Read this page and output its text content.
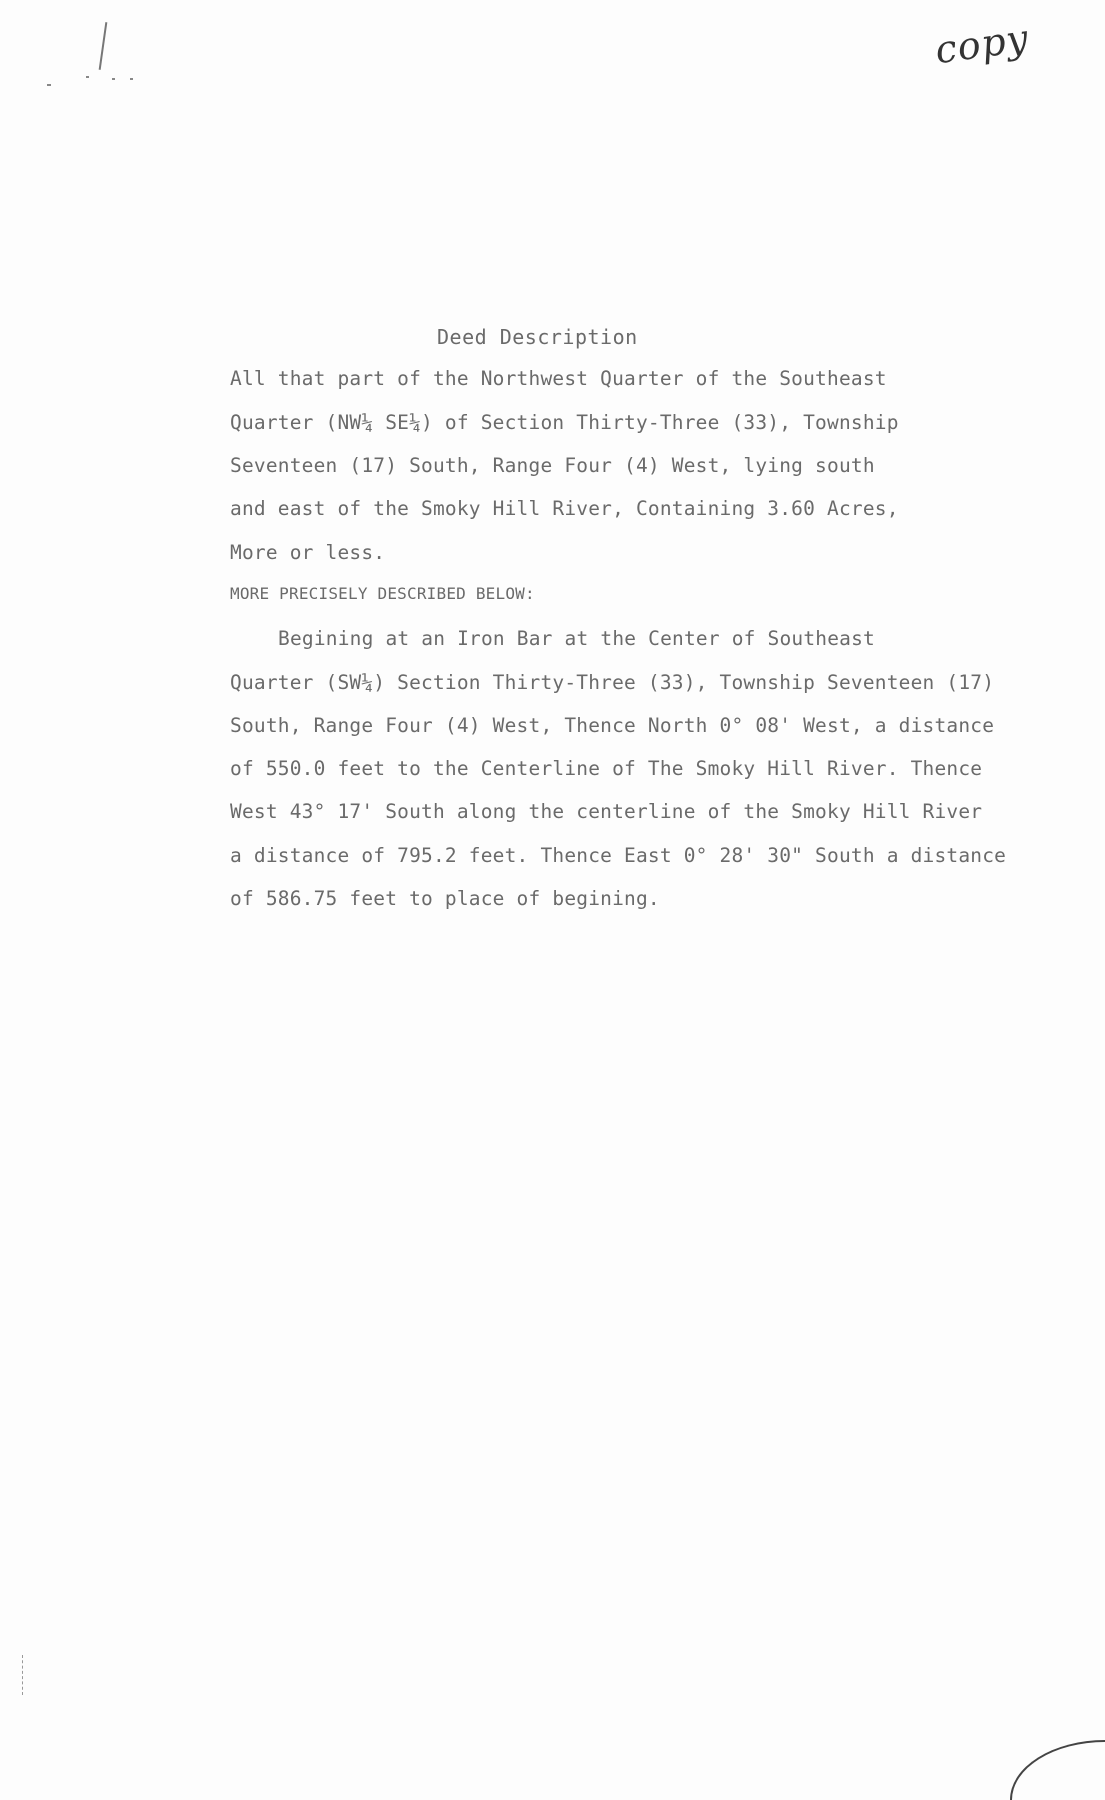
copy
Deed Description
All that part of the Northwest Quarter of the Southeast
Quarter (NW¼ SE¼) of Section Thirty-Three (33), Township
Seventeen (17) South, Range Four (4) West, lying south
and east of the Smoky Hill River, Containing 3.60 Acres,
More or less.
MORE PRECISELY DESCRIBED BELOW:
Begining at an Iron Bar at the Center of Southeast
Quarter (SW¼) Section Thirty-Three (33), Township Seventeen (17)
South, Range Four (4) West, Thence North 0° 08' West, a distance
of 550.0 feet to the Centerline of The Smoky Hill River. Thence
West 43° 17' South along the centerline of the Smoky Hill River
a distance of 795.2 feet. Thence East 0° 28' 30" South a distance
of 586.75 feet to place of begining.
